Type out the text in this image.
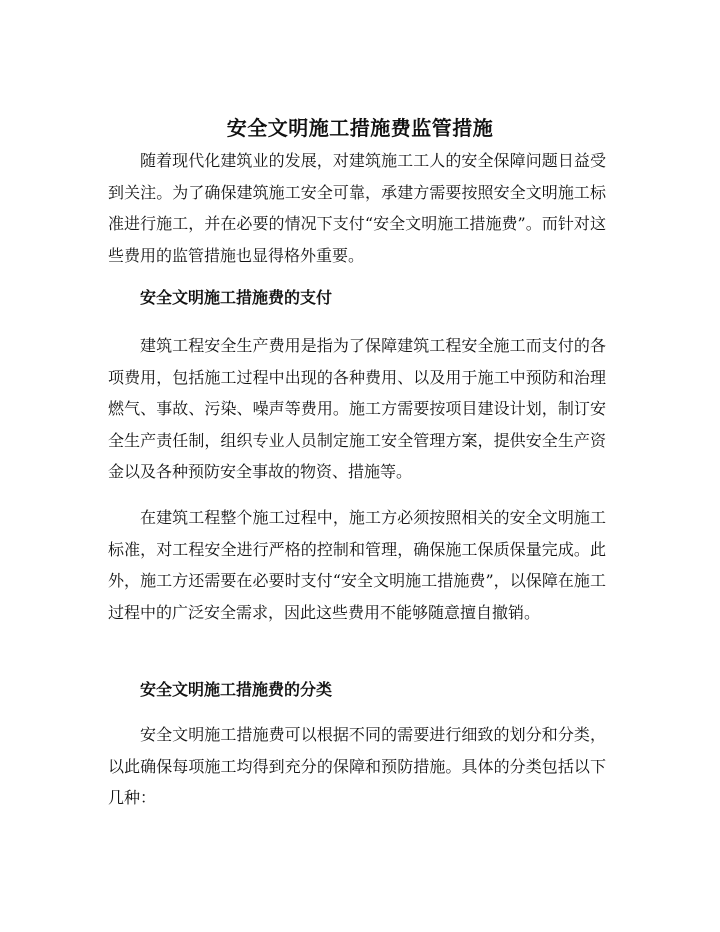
安全文明施工措施费监管措施

随着现代化建筑业的发展，对建筑施工工人的安全保障问题日益受到关注。为了确保建筑施工安全可靠，承建方需要按照安全文明施工标准进行施工，并在必要的情况下支付“安全文明施工措施费”。而针对这些费用的监管措施也显得格外重要。

安全文明施工措施费的支付

建筑工程安全生产费用是指为了保障建筑工程安全施工而支付的各项费用，包括施工过程中出现的各种费用、以及用于施工中预防和治理燃气、事故、污染、噪声等费用。施工方需要按项目建设计划，制订安全生产责任制，组织专业人员制定施工安全管理方案，提供安全生产资金以及各种预防安全事故的物资、措施等。

在建筑工程整个施工过程中，施工方必须按照相关的安全文明施工标准，对工程安全进行严格的控制和管理，确保施工保质保量完成。此外，施工方还需要在必要时支付“安全文明施工措施费”，以保障在施工过程中的广泛安全需求，因此这些费用不能够随意擅自撤销。

安全文明施工措施费的分类

安全文明施工措施费可以根据不同的需要进行细致的划分和分类，以此确保每项施工均得到充分的保障和预防措施。具体的分类包括以下几种：
